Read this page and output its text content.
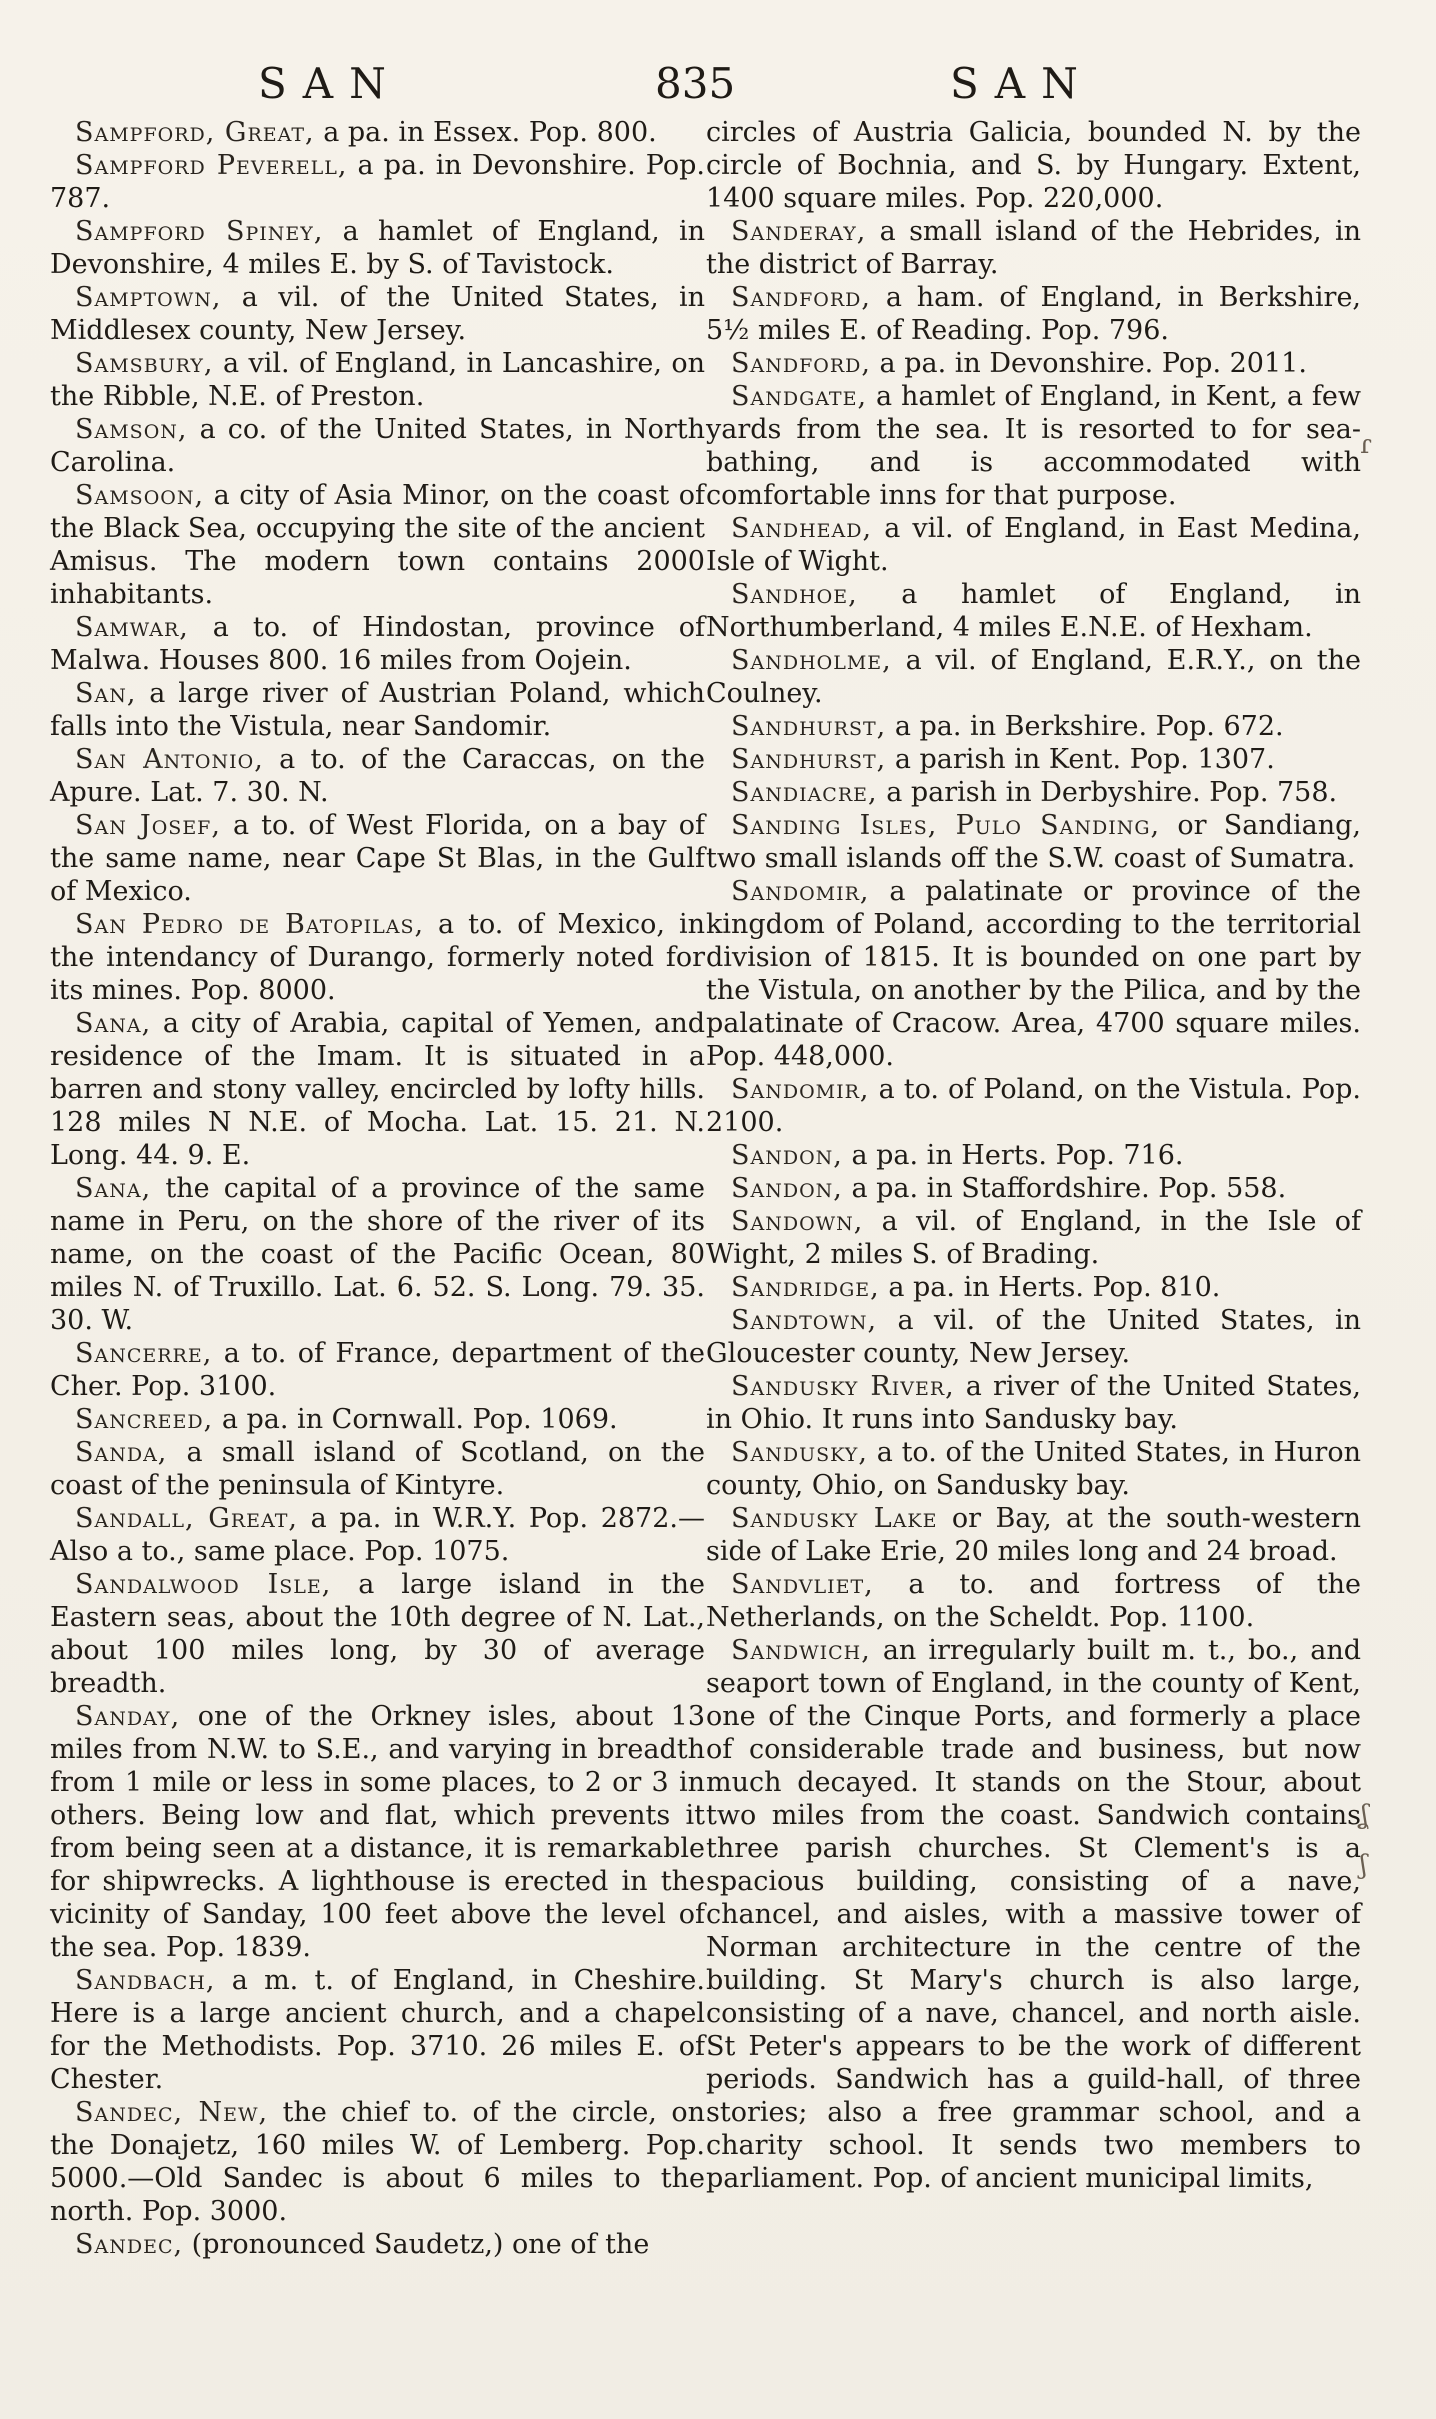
SAN	835	SAN

Sampford, Great, a pa. in Essex. Pop. 800.

Sampford Peverell, a pa. in Devonshire. Pop. 787.

Sampford Spiney, a hamlet of England, in Devonshire, 4 miles E. by S. of Tavistock.

Samptown, a vil. of the United States, in Middlesex county, New Jersey.

Samsbury, a vil. of England, in Lancashire, on the Ribble, N.E. of Preston.

Samson, a co. of the United States, in North Carolina.

Samsoon, a city of Asia Minor, on the coast of the Black Sea, occupying the site of the ancient Amisus. The modern town contains 2000 inhabitants.

Samwar, a to. of Hindostan, province of Malwa. Houses 800. 16 miles from Oojein.

San, a large river of Austrian Poland, which falls into the Vistula, near Sandomir.

San Antonio, a to. of the Caraccas, on the Apure. Lat. 7. 30. N.

San Josef, a to. of West Florida, on a bay of the same name, near Cape St Blas, in the Gulf of Mexico.

San Pedro de Batopilas, a to. of Mexico, in the intendancy of Durango, formerly noted for its mines. Pop. 8000.

Sana, a city of Arabia, capital of Yemen, and residence of the Imam. It is situated in a barren and stony valley, encircled by lofty hills. 128 miles N N.E. of Mocha. Lat. 15. 21. N. Long. 44. 9. E.

Sana, the capital of a province of the same name in Peru, on the shore of the river of its name, on the coast of the Pacific Ocean, 80 miles N. of Truxillo. Lat. 6. 52. S. Long. 79. 35. 30. W.

Sancerre, a to. of France, department of the Cher. Pop. 3100.

Sancreed, a pa. in Cornwall. Pop. 1069.

Sanda, a small island of Scotland, on the coast of the peninsula of Kintyre.

Sandall, Great, a pa. in W.R.Y. Pop. 2872.—Also a to., same place. Pop. 1075.

Sandalwood Isle, a large island in the Eastern seas, about the 10th degree of N. Lat., about 100 miles long, by 30 of average breadth.

Sanday, one of the Orkney isles, about 13 miles from N.W. to S.E., and varying in breadth from 1 mile or less in some places, to 2 or 3 in others. Being low and flat, which prevents it from being seen at a distance, it is remarkable for shipwrecks. A lighthouse is erected in the vicinity of Sanday, 100 feet above the level of the sea. Pop. 1839.

Sandbach, a m. t. of England, in Cheshire. Here is a large ancient church, and a chapel for the Methodists. Pop. 3710. 26 miles E. of Chester.

Sandec, New, the chief to. of the circle, on the Donajetz, 160 miles W. of Lemberg. Pop. 5000.—Old Sandec is about 6 miles to the north. Pop. 3000.

Sandec, (pronounced Saudetz,) one of the

circles of Austria Galicia, bounded N. by the circle of Bochnia, and S. by Hungary. Extent, 1400 square miles. Pop. 220,000.

Sanderay, a small island of the Hebrides, in the district of Barray.

Sandford, a ham. of England, in Berkshire, 5½ miles E. of Reading. Pop. 796.

Sandford, a pa. in Devonshire. Pop. 2011.

Sandgate, a hamlet of England, in Kent, a few yards from the sea. It is resorted to for sea-bathing, and is accommodated with comfortable inns for that purpose.

Sandhead, a vil. of England, in East Medina, Isle of Wight.

Sandhoe, a hamlet of England, in Northumberland, 4 miles E.N.E. of Hexham.

Sandholme, a vil. of England, E.R.Y., on the Coulney.

Sandhurst, a pa. in Berkshire. Pop. 672.

Sandhurst, a parish in Kent. Pop. 1307.

Sandiacre, a parish in Derbyshire. Pop. 758.

Sanding Isles, Pulo Sanding, or Sandiang, two small islands off the S.W. coast of Sumatra.

Sandomir, a palatinate or province of the kingdom of Poland, according to the territorial division of 1815. It is bounded on one part by the Vistula, on another by the Pilica, and by the palatinate of Cracow. Area, 4700 square miles. Pop. 448,000.

Sandomir, a to. of Poland, on the Vistula. Pop. 2100.

Sandon, a pa. in Herts. Pop. 716.

Sandon, a pa. in Staffordshire. Pop. 558.

Sandown, a vil. of England, in the Isle of Wight, 2 miles S. of Brading.

Sandridge, a pa. in Herts. Pop. 810.

Sandtown, a vil. of the United States, in Gloucester county, New Jersey.

Sandusky River, a river of the United States, in Ohio. It runs into Sandusky bay.

Sandusky, a to. of the United States, in Huron county, Ohio, on Sandusky bay.

Sandusky Lake or Bay, at the south-western side of Lake Erie, 20 miles long and 24 broad.

Sandvliet, a to. and fortress of the Netherlands, on the Scheldt. Pop. 1100.

Sandwich, an irregularly built m. t., bo., and seaport town of England, in the county of Kent, one of the Cinque Ports, and formerly a place of considerable trade and business, but now much decayed. It stands on the Stour, about two miles from the coast. Sandwich contains three parish churches. St Clement's is a spacious building, consisting of a nave, chancel, and aisles, with a massive tower of Norman architecture in the centre of the building. St Mary's church is also large, consisting of a nave, chancel, and north aisle. St Peter's appears to be the work of different periods. Sandwich has a guild-hall, of three stories; also a free grammar school, and a charity school. It sends two members to parliament. Pop. of ancient municipal limits,

ɾ
ʆ
ʃ
